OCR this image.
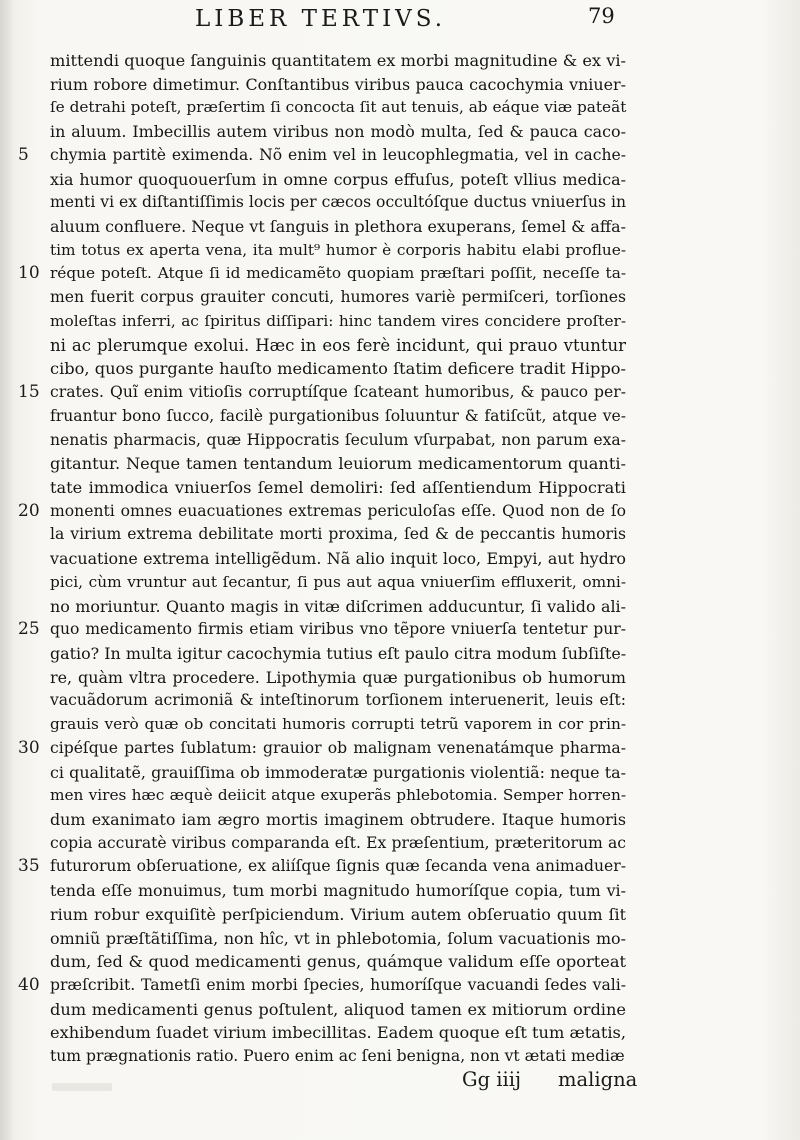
LIBER TERTIVS.	79
mittendi quoque ſanguinis quantitatem ex morbi magnitudine & ex vi-
rium robore dimetimur. Conſtantibus viribus pauca cacochymia vniuer-
ſe detrahi poteſt, præſertim ſi concocta ſit aut tenuis, ab eáque viæ pateãt
in aluum. Imbecillis autem viribus non modò multa, ſed & pauca caco-
5	chymia partitè eximenda. Nõ enim vel in leucophlegmatia, vel in cache-
xia humor quoquouerſum in omne corpus effuſus, poteſt vllius medica-
menti vi ex diſtantiſſimis locis per cæcos occultóſque ductus vniuerſus in
aluum confluere. Neque vt ſanguis in plethora exuperans, ſemel & affa-
tim totus ex aperta vena, ita mult⁹ humor è corporis habitu elabi proflue-
10 réque poteſt. Atque ſi id medicamẽto quopiam præſtari poſſit, neceſſe ta-
men fuerit corpus grauiter concuti, humores variè permiſceri, torſiones
moleſtas inferri, ac ſpiritus diſſipari: hinc tandem vires concidere proſter-
ni ac plerumque exolui. Hæc in eos ferè incidunt, qui prauo vtuntur
cibo, quos purgante hauſto medicamento ſtatim deficere tradit Hippo-
15 crates. Quĩ enim vitioſis corruptíſque ſcateant humoribus, & pauco per-
fruantur bono ſucco, facilè purgationibus ſoluuntur & fatiſcũt, atque ve-
nenatis pharmacis, quæ Hippocratis ſeculum vſurpabat, non parum exa-
gitantur. Neque tamen tentandum leuiorum medicamentorum quanti-
tate immodica vniuerſos ſemel demoliri: ſed aſſentiendum Hippocrati
20 monenti omnes euacuationes extremas periculoſas eſſe. Quod non de ſo
la virium extrema debilitate morti proxima, ſed & de peccantis humoris
vacuatione extrema intelligẽdum. Nã alio inquit loco, Empyi, aut hydro
pici, cùm vruntur aut ſecantur, ſi pus aut aqua vniuerſim effluxerit, omni-
no moriuntur. Quanto magis in vitæ diſcrimen adducuntur, ſi valido ali-
25 quo medicamento firmis etiam viribus vno tẽpore vniuerſa tentetur pur-
gatio? In multa igitur cacochymia tutius eſt paulo citra modum ſubſiſte-
re, quàm vltra procedere. Lipothymia quæ purgationibus ob humorum
vacuãdorum acrimoniã & inteſtinorum torſionem interuenerit, leuis eſt:
grauis verò quæ ob concitati humoris corrupti tetrũ vaporem in cor prin-
30 cipéſque partes ſublatum: grauior ob malignam venenatámque pharma-
ci qualitatẽ, grauiſſima ob immoderatæ purgationis violentiã: neque ta-
men vires hæc æquè deiicit atque exuperãs phlebotomia. Semper horren-
dum exanimato iam ægro mortis imaginem obtrudere. Itaque humoris
copia accuratè viribus comparanda eſt. Ex præſentium, præteritorum ac
35 futurorum obſeruatione, ex aliíſque ſignis quæ ſecanda vena animaduer-
tenda eſſe monuimus, tum morbi magnitudo humoríſque copia, tum vi-
rium robur exquiſitè perſpiciendum. Virium autem obſeruatio quum ſit
omniũ præſtãtiſſima, non hîc, vt in phlebotomia, ſolum vacuationis mo-
dum, ſed & quod medicamenti genus, quámque validum eſſe oporteat
40 præſcribit. Tametſi enim morbi ſpecies, humoríſque vacuandi ſedes vali-
dum medicamenti genus poſtulent, aliquod tamen ex mitiorum ordine
exhibendum ſuadet virium imbecillitas. Eadem quoque eſt tum ætatis,
tum prægnationis ratio. Puero enim ac ſeni benigna, non vt ætati mediæ
Gg iiij maligna
